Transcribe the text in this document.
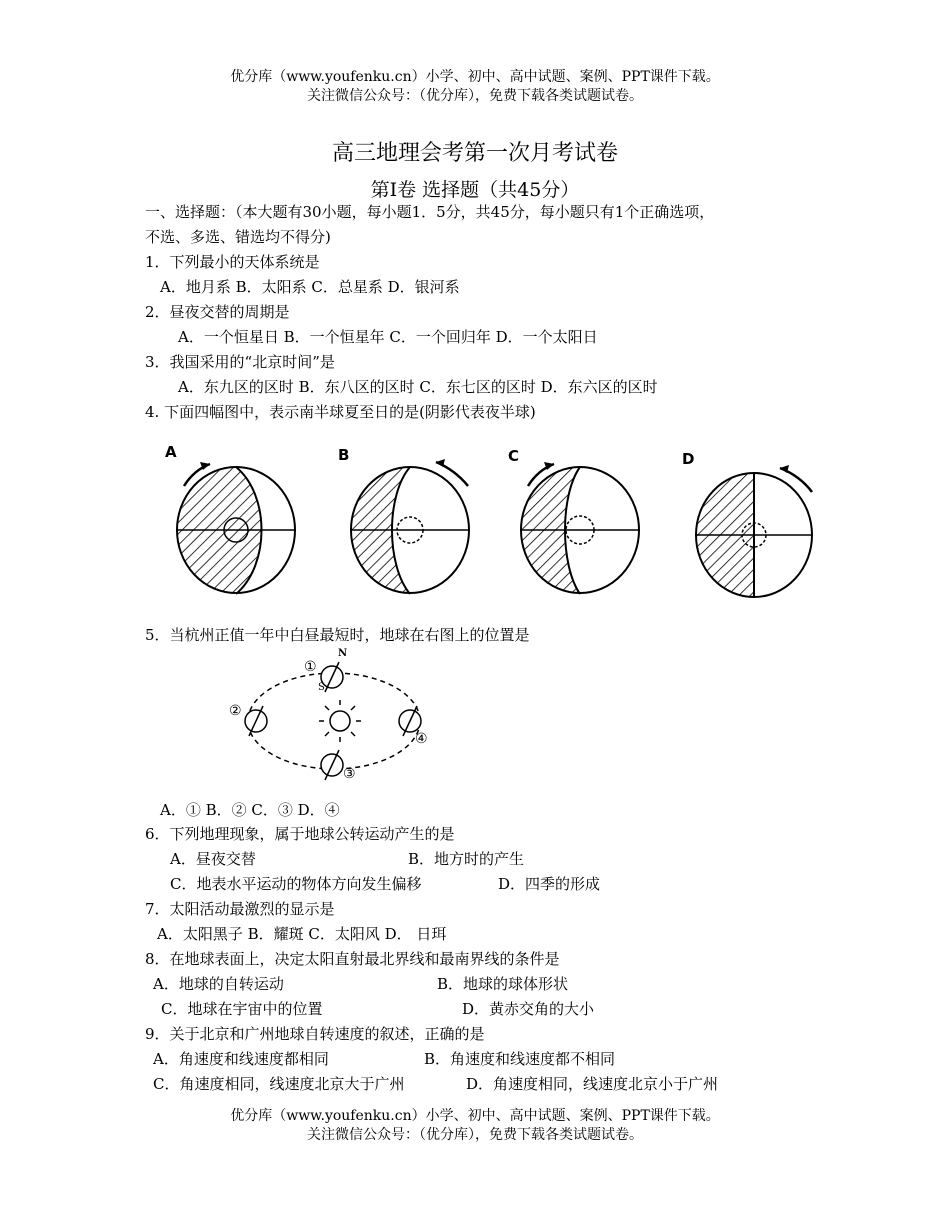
优分库（www.youfenku.cn）小学、初中、高中试题、案例、PPT课件下载。
关注微信公众号：（优分库），免费下载各类试题试卷。
高三地理会考第一次月考试卷
第Ⅰ卷 选择题（共45分）
一、选择题：（本大题有30小题，每小题1．5分，共45分，每小题只有1个正确选项，
不选、多选、错选均不得分)
1．下列最小的天体系统是
A．地月系 B．太阳系 C．总星系 D．银河系
2．昼夜交替的周期是
A．一个恒星日 B．一个恒星年 C．一个回归年 D．一个太阳日
3．我国采用的“北京时间”是
A．东九区的区时 B．东八区的区时 C．东七区的区时 D．东六区的区时
4. 下面四幅图中，表示南半球夏至日的是(阴影代表夜半球)
A	B	C	D
5．当杭州正值一年中白昼最短时，地球在右图上的位置是
N
S
①
②
③
④
A．① B．② C．③ D．④
6．下列地理现象，属于地球公转运动产生的是
A．昼夜交替	B．地方时的产生
C．地表水平运动的物体方向发生偏移	D．四季的形成
7．太阳活动最激烈的显示是
A．太阳黑子 B．耀斑 C．太阳风 D． 日珥
8．在地球表面上，决定太阳直射最北界线和最南界线的条件是
A．地球的自转运动	B．地球的球体形状
C．地球在宇宙中的位置	D．黄赤交角的大小
9．关于北京和广州地球自转速度的叙述，正确的是
A．角速度和线速度都相同	B．角速度和线速度都不相同
C．角速度相同，线速度北京大于广州	D．角速度相同，线速度北京小于广州
优分库（www.youfenku.cn）小学、初中、高中试题、案例、PPT课件下载。
关注微信公众号：（优分库），免费下载各类试题试卷。
